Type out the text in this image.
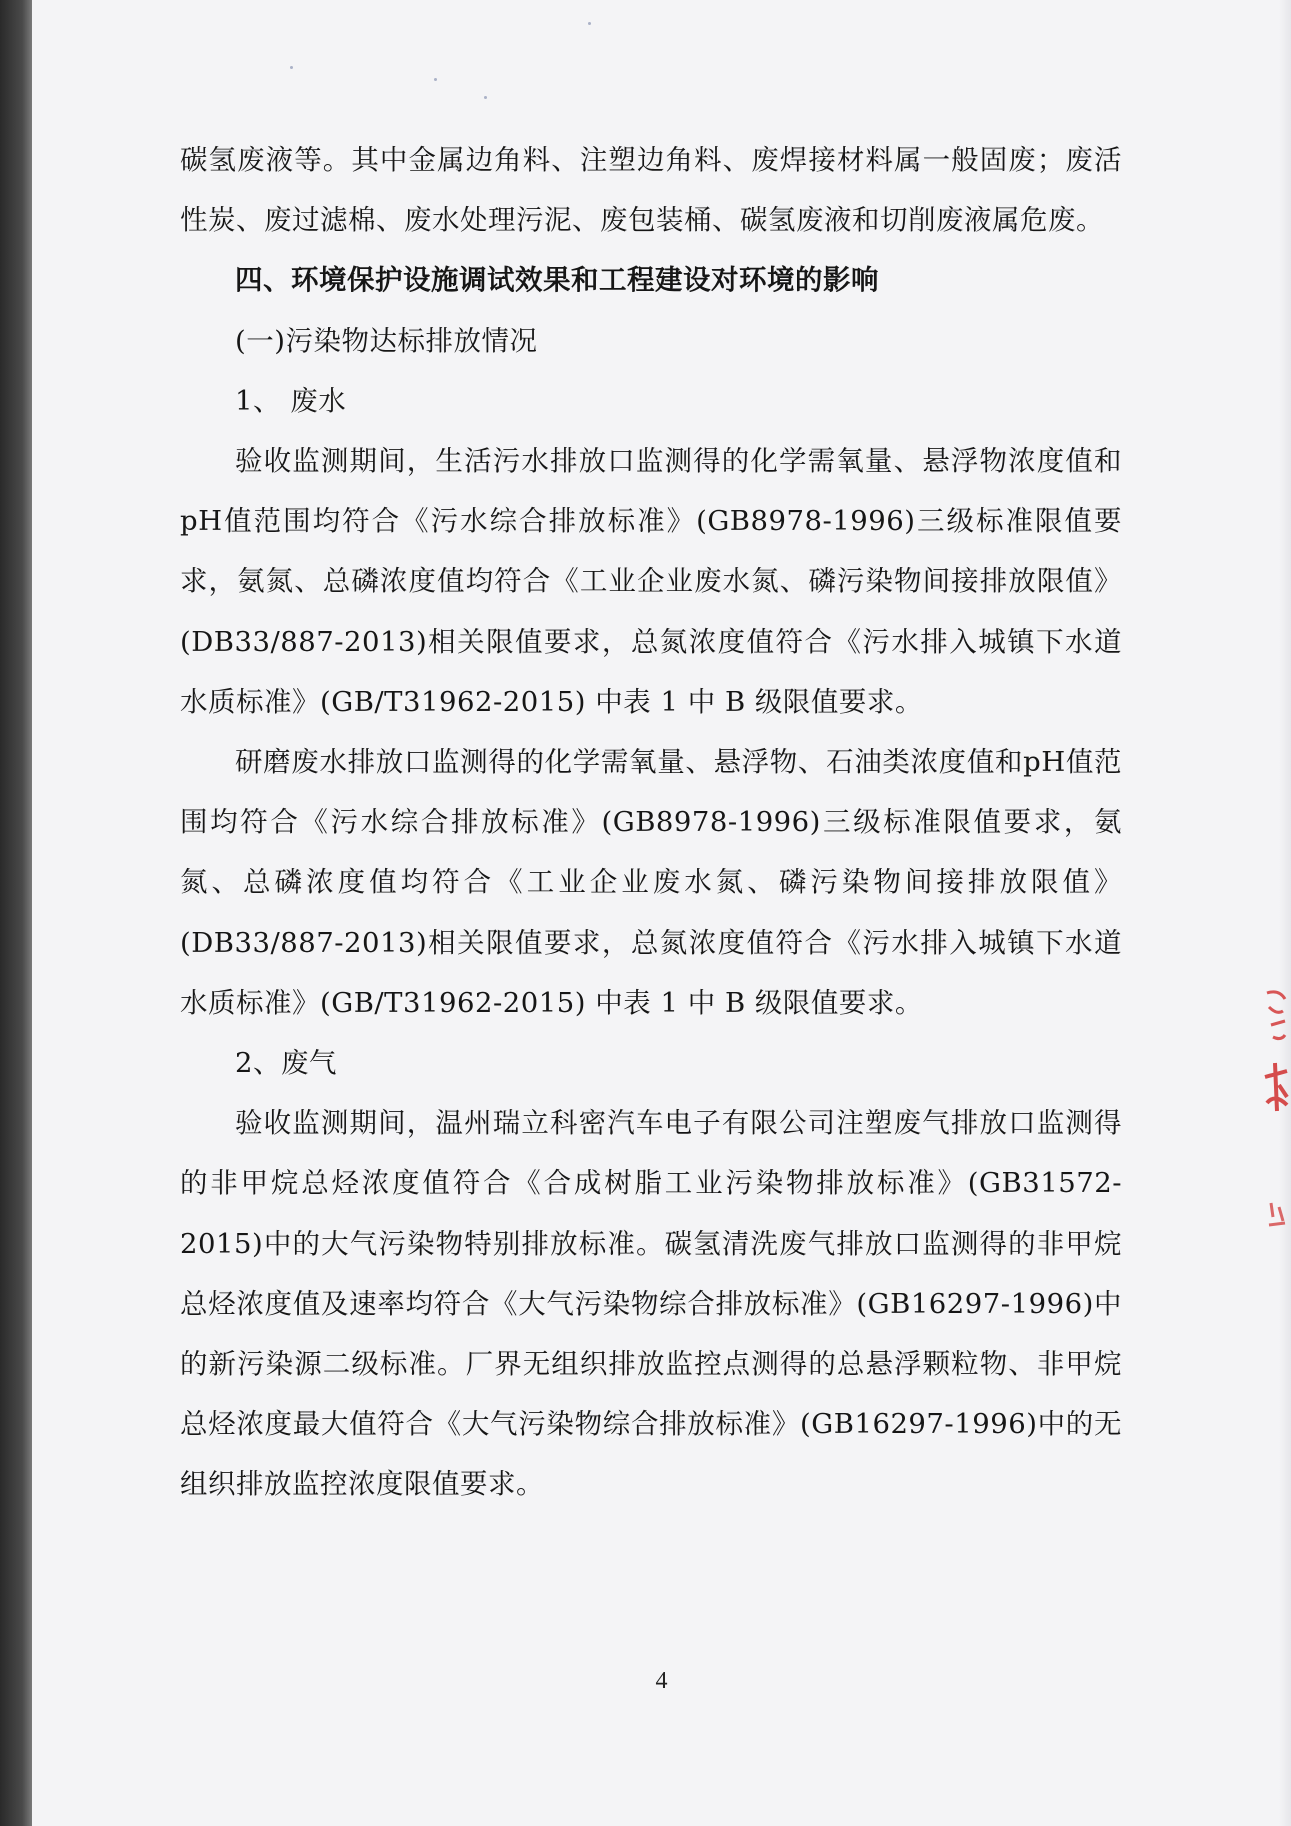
碳氢废液等。其中金属边角料、注塑边角料、废焊接材料属一般固废；废活性炭、废过滤棉、废水处理污泥、废包装桶、碳氢废液和切削废液属危废。

四、环境保护设施调试效果和工程建设对环境的影响

(一)污染物达标排放情况

1、 废水

验收监测期间，生活污水排放口监测得的化学需氧量、悬浮物浓度值和pH值范围均符合《污水综合排放标准》(GB8978-1996)三级标准限值要求，氨氮、总磷浓度值均符合《工业企业废水氮、磷污染物间接排放限值》(DB33/887-2013)相关限值要求，总氮浓度值符合《污水排入城镇下水道水质标准》(GB/T31962-2015) 中表 1 中 B 级限值要求。

研磨废水排放口监测得的化学需氧量、悬浮物、石油类浓度值和pH值范围均符合《污水综合排放标准》(GB8978-1996)三级标准限值要求，氨氮、总磷浓度值均符合《工业企业废水氮、磷污染物间接排放限值》(DB33/887-2013)相关限值要求，总氮浓度值符合《污水排入城镇下水道水质标准》(GB/T31962-2015) 中表 1 中 B 级限值要求。

2、废气

验收监测期间，温州瑞立科密汽车电子有限公司注塑废气排放口监测得的非甲烷总烃浓度值符合《合成树脂工业污染物排放标准》(GB31572-2015)中的大气污染物特别排放标准。碳氢清洗废气排放口监测得的非甲烷总烃浓度值及速率均符合《大气污染物综合排放标准》(GB16297-1996)中的新污染源二级标准。厂界无组织排放监控点测得的总悬浮颗粒物、非甲烷总烃浓度最大值符合《大气污染物综合排放标准》(GB16297-1996)中的无组织排放监控浓度限值要求。

4
